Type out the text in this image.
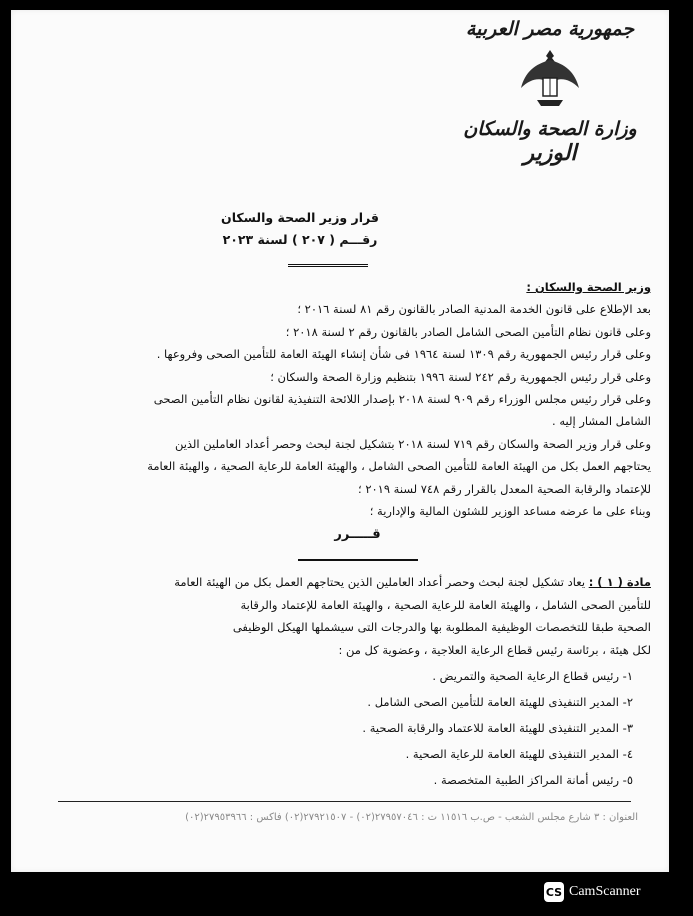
جمهورية مصر العربية
وزارة الصحة والسكان
الوزير
قرار وزير الصحة والسكان
رقـــم ( ٢٠٧ ) لسنة ٢٠٢٣

وزير الصحة والسكان :

بعد الإطلاع على قانون الخدمة المدنية الصادر بالقانون رقم ٨١ لسنة ٢٠١٦ ؛

وعلى قانون نظام التأمين الصحى الشامل الصادر بالقانون رقم ٢ لسنة ٢٠١٨ ؛

وعلى قرار رئيس الجمهورية رقم ١٣٠٩ لسنة ١٩٦٤ فى شأن إنشاء الهيئة العامة للتأمين الصحى وفروعها .

وعلى قرار رئيس الجمهورية رقم ٢٤٢ لسنة ١٩٩٦ بتنظيم وزارة الصحة والسكان ؛

وعلى قرار رئيس مجلس الوزراء رقم ٩٠٩ لسنة ٢٠١٨ بإصدار اللائحة التنفيذية لقانون نظام التأمين الصحى

الشامل المشار إليه .

وعلى قرار وزير الصحة والسكان رقم ٧١٩ لسنة ٢٠١٨ بتشكيل لجنة لبحث وحصر أعداد العاملين الذين

يحتاجهم العمل بكل من الهيئة العامة للتأمين الصحى الشامل ، والهيئة العامة للرعاية الصحية ، والهيئة العامة

للإعتماد والرقابة الصحية المعدل بالقرار رقم ٧٤٨ لسنة ٢٠١٩ ؛

وبناء على ما عرضه مساعد الوزير للشئون المالية والإدارية ؛

قـــــرر

مادة ( ١ ) : يعاد تشكيل لجنة لبحث وحصر أعداد العاملين الذين يحتاجهم العمل بكل من الهيئة العامة

للتأمين الصحى الشامل ، والهيئة العامة للرعاية الصحية ، والهيئة العامة للإعتماد والرقابة

الصحية طبقا للتخصصات الوظيفية المطلوبة بها والدرجات التى سيشملها الهيكل الوظيفى

لكل هيئة ، برئاسة رئيس قطاع الرعاية العلاجية ، وعضوية كل من :

١- رئيس قطاع الرعاية الصحية والتمريض .

٢- المدير التنفيذى للهيئة العامة للتأمين الصحى الشامل .

٣- المدير التنفيذى للهيئة العامة للاعتماد والرقابة الصحية .

٤- المدير التنفيذى للهيئة العامة للرعاية الصحية .

٥- رئيس أمانة المراكز الطبية المتخصصة .

العنوان : ٣ شارع مجلس الشعب - ص.ب ١١٥١٦ ت : ٢٧٩٥٧٠٤٦(٠٢) - ٢٧٩٢١٥٠٧(٠٢) فاكس : ٢٧٩٥٣٩٦٦(٠٢)
CS CamScanner
